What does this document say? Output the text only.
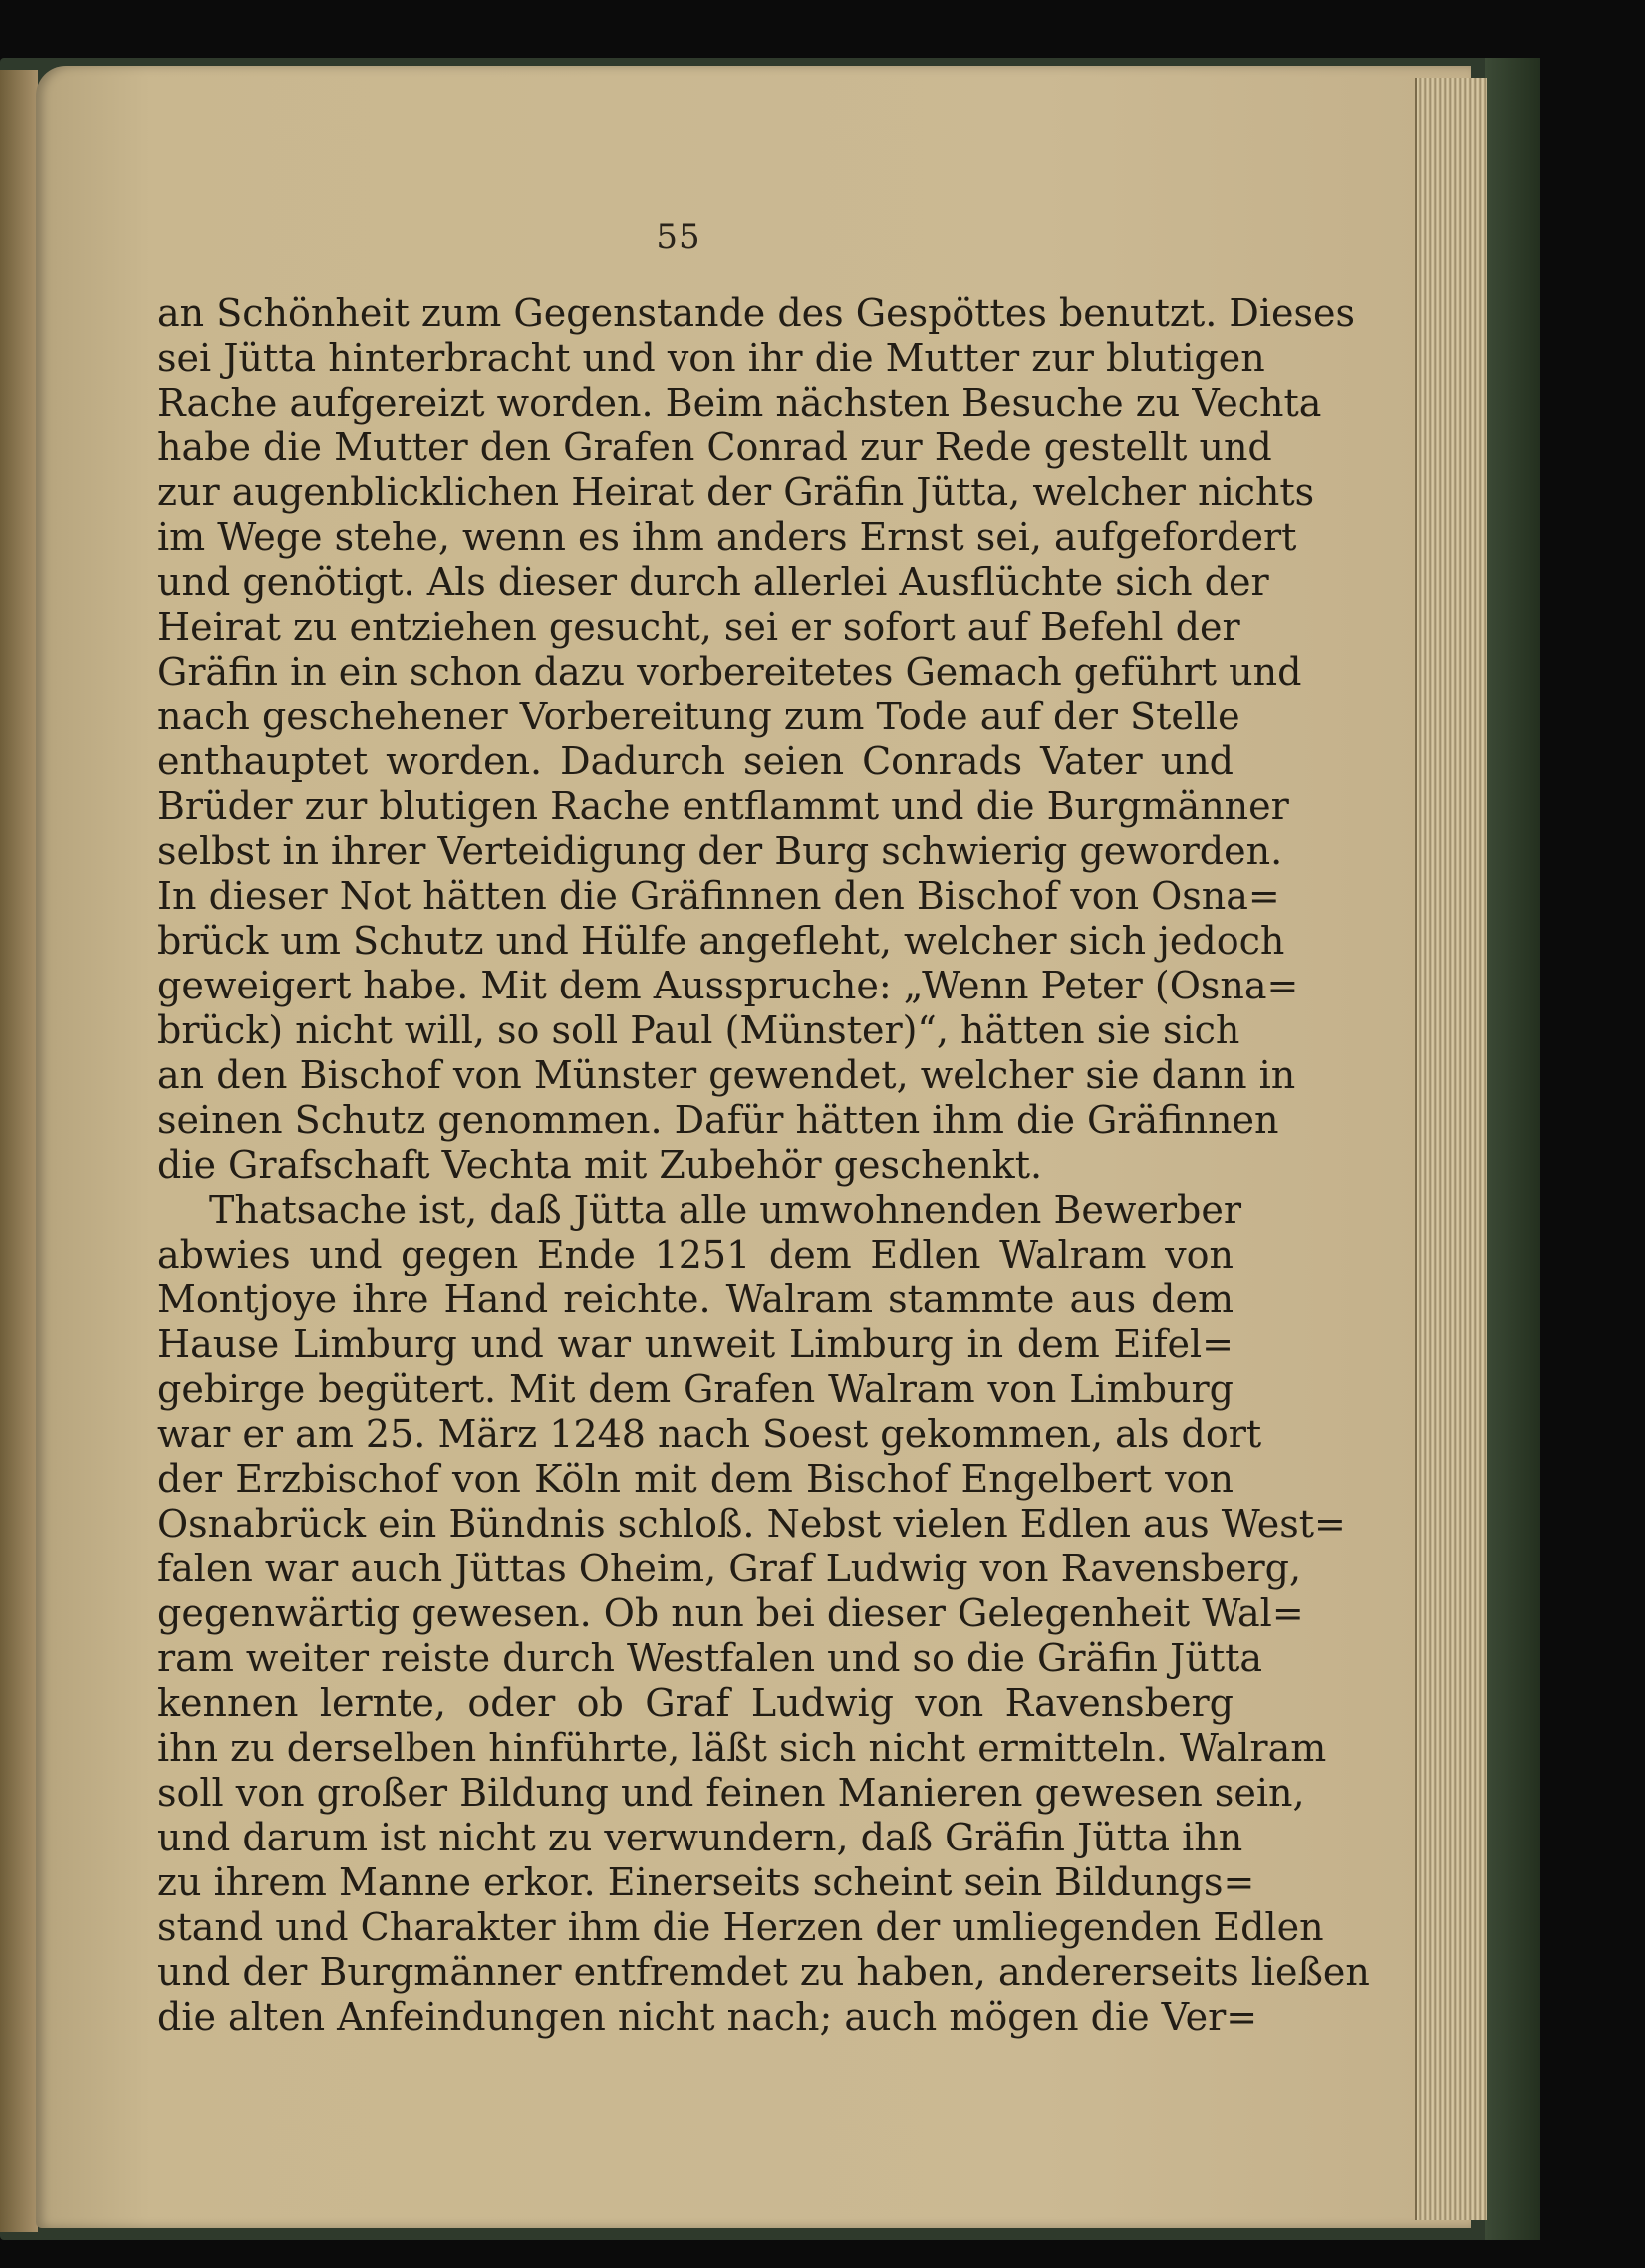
55
an Schönheit zum Gegenstande des Gespöttes benutzt. Dieses
sei Jütta hinterbracht und von ihr die Mutter zur blutigen
Rache aufgereizt worden. Beim nächsten Besuche zu Vechta
habe die Mutter den Grafen Conrad zur Rede gestellt und
zur augenblicklichen Heirat der Gräfin Jütta, welcher nichts
im Wege stehe, wenn es ihm anders Ernst sei, aufgefordert
und genötigt. Als dieser durch allerlei Ausflüchte sich der
Heirat zu entziehen gesucht, sei er sofort auf Befehl der
Gräfin in ein schon dazu vorbereitetes Gemach geführt und
nach geschehener Vorbereitung zum Tode auf der Stelle
enthauptet worden. Dadurch seien Conrads Vater und
Brüder zur blutigen Rache entflammt und die Burgmänner
selbst in ihrer Verteidigung der Burg schwierig geworden.
In dieser Not hätten die Gräfinnen den Bischof von Osna=
brück um Schutz und Hülfe angefleht, welcher sich jedoch
geweigert habe. Mit dem Ausspruche: „Wenn Peter (Osna=
brück) nicht will, so soll Paul (Münster)“, hätten sie sich
an den Bischof von Münster gewendet, welcher sie dann in
seinen Schutz genommen. Dafür hätten ihm die Gräfinnen
die Grafschaft Vechta mit Zubehör geschenkt.
Thatsache ist, daß Jütta alle umwohnenden Bewerber
abwies und gegen Ende 1251 dem Edlen Walram von
Montjoye ihre Hand reichte. Walram stammte aus dem
Hause Limburg und war unweit Limburg in dem Eifel=
gebirge begütert. Mit dem Grafen Walram von Limburg
war er am 25. März 1248 nach Soest gekommen, als dort
der Erzbischof von Köln mit dem Bischof Engelbert von
Osnabrück ein Bündnis schloß. Nebst vielen Edlen aus West=
falen war auch Jüttas Oheim, Graf Ludwig von Ravensberg,
gegenwärtig gewesen. Ob nun bei dieser Gelegenheit Wal=
ram weiter reiste durch Westfalen und so die Gräfin Jütta
kennen lernte, oder ob Graf Ludwig von Ravensberg
ihn zu derselben hinführte, läßt sich nicht ermitteln. Walram
soll von großer Bildung und feinen Manieren gewesen sein,
und darum ist nicht zu verwundern, daß Gräfin Jütta ihn
zu ihrem Manne erkor. Einerseits scheint sein Bildungs=
stand und Charakter ihm die Herzen der umliegenden Edlen
und der Burgmänner entfremdet zu haben, andererseits ließen
die alten Anfeindungen nicht nach; auch mögen die Ver=
